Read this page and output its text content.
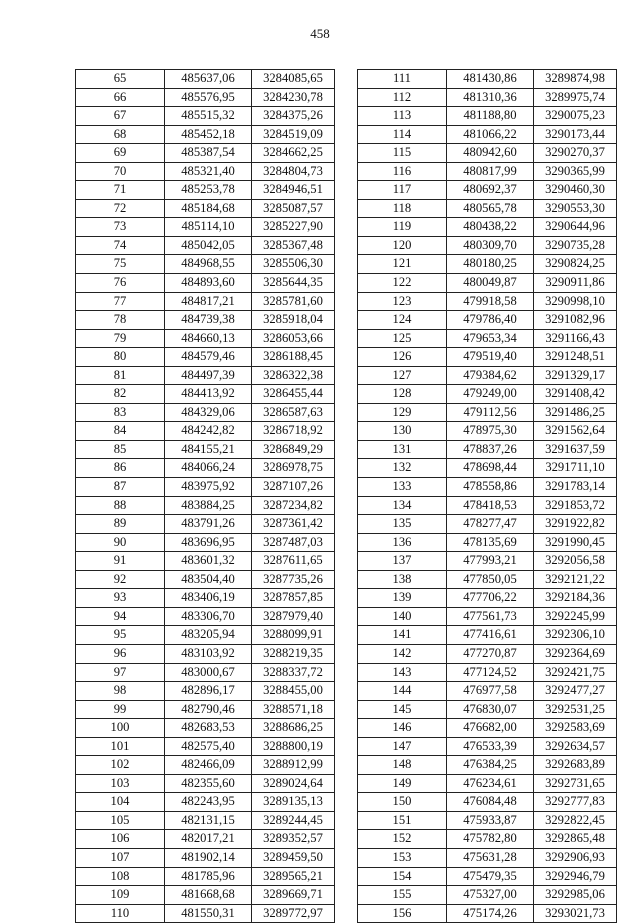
458
65	485637,06	3284085,65
66	485576,95	3284230,78
67	485515,32	3284375,26
68	485452,18	3284519,09
69	485387,54	3284662,25
70	485321,40	3284804,73
71	485253,78	3284946,51
72	485184,68	3285087,57
73	485114,10	3285227,90
74	485042,05	3285367,48
75	484968,55	3285506,30
76	484893,60	3285644,35
77	484817,21	3285781,60
78	484739,38	3285918,04
79	484660,13	3286053,66
80	484579,46	3286188,45
81	484497,39	3286322,38
82	484413,92	3286455,44
83	484329,06	3286587,63
84	484242,82	3286718,92
85	484155,21	3286849,29
86	484066,24	3286978,75
87	483975,92	3287107,26
88	483884,25	3287234,82
89	483791,26	3287361,42
90	483696,95	3287487,03
91	483601,32	3287611,65
92	483504,40	3287735,26
93	483406,19	3287857,85
94	483306,70	3287979,40
95	483205,94	3288099,91
96	483103,92	3288219,35
97	483000,67	3288337,72
98	482896,17	3288455,00
99	482790,46	3288571,18
100	482683,53	3288686,25
101	482575,40	3288800,19
102	482466,09	3288912,99
103	482355,60	3289024,64
104	482243,95	3289135,13
105	482131,15	3289244,45
106	482017,21	3289352,57
107	481902,14	3289459,50
108	481785,96	3289565,21
109	481668,68	3289669,71
110	481550,31	3289772,97
111	481430,86	3289874,98
112	481310,36	3289975,74
113	481188,80	3290075,23
114	481066,22	3290173,44
115	480942,60	3290270,37
116	480817,99	3290365,99
117	480692,37	3290460,30
118	480565,78	3290553,30
119	480438,22	3290644,96
120	480309,70	3290735,28
121	480180,25	3290824,25
122	480049,87	3290911,86
123	479918,58	3290998,10
124	479786,40	3291082,96
125	479653,34	3291166,43
126	479519,40	3291248,51
127	479384,62	3291329,17
128	479249,00	3291408,42
129	479112,56	3291486,25
130	478975,30	3291562,64
131	478837,26	3291637,59
132	478698,44	3291711,10
133	478558,86	3291783,14
134	478418,53	3291853,72
135	478277,47	3291922,82
136	478135,69	3291990,45
137	477993,21	3292056,58
138	477850,05	3292121,22
139	477706,22	3292184,36
140	477561,73	3292245,99
141	477416,61	3292306,10
142	477270,87	3292364,69
143	477124,52	3292421,75
144	476977,58	3292477,27
145	476830,07	3292531,25
146	476682,00	3292583,69
147	476533,39	3292634,57
148	476384,25	3292683,89
149	476234,61	3292731,65
150	476084,48	3292777,83
151	475933,87	3292822,45
152	475782,80	3292865,48
153	475631,28	3292906,93
154	475479,35	3292946,79
155	475327,00	3292985,06
156	475174,26	3293021,73
